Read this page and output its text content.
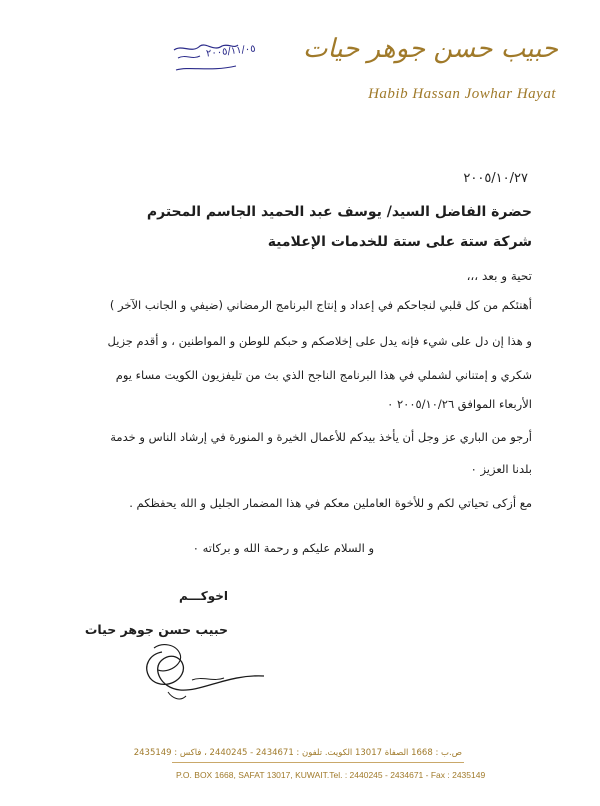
حبيب حسن جوهر حيات
Habib Hassan Jowhar Hayat
٢٠٠٥/١١/٠٥
٢٠٠٥/١٠/٢٧
حضرة الفاضل السيد/ يوسف عبد الحميد الجاسم المحترم
شركة ستة على ستة للخدمات الإعلامية
تحية و بعد ،،،
أهنئكم من كل قلبي لنجاحكم في إعداد و إنتاج البرنامج الرمضاني (ضيفي و الجانب الآخر )
و هذا إن دل على شيء فإنه يدل على إخلاصكم و حبكم للوطن و المواطنين ، و أقدم جزيل
شكري و إمتناني لشملي في هذا البرنامج الناجح الذي بث من تليفزيون الكويت مساء يوم
الأربعاء الموافق ٢٠٠٥/١٠/٢٦ ٠
أرجو من الباري عز وجل أن يأخذ بيدكم للأعمال الخيرة و المنورة في إرشاد الناس و خدمة
بلدنا العزيز ٠
مع أزكى تحياتي لكم و للأخوة العاملين معكم في هذا المضمار الجليل و الله يحفظكم .
و السلام عليكم و رحمة الله و بركاته ٠
اخوكـــم
حبيب حسن جوهر حيات
ص.ب : 1668 الصفاة 13017 الكويت. تلفون : 2434671 - 2440245 ، فاكس : 2435149
P.O. BOX 1668, SAFAT 13017, KUWAIT.Tel. : 2440245 - 2434671 - Fax : 2435149
